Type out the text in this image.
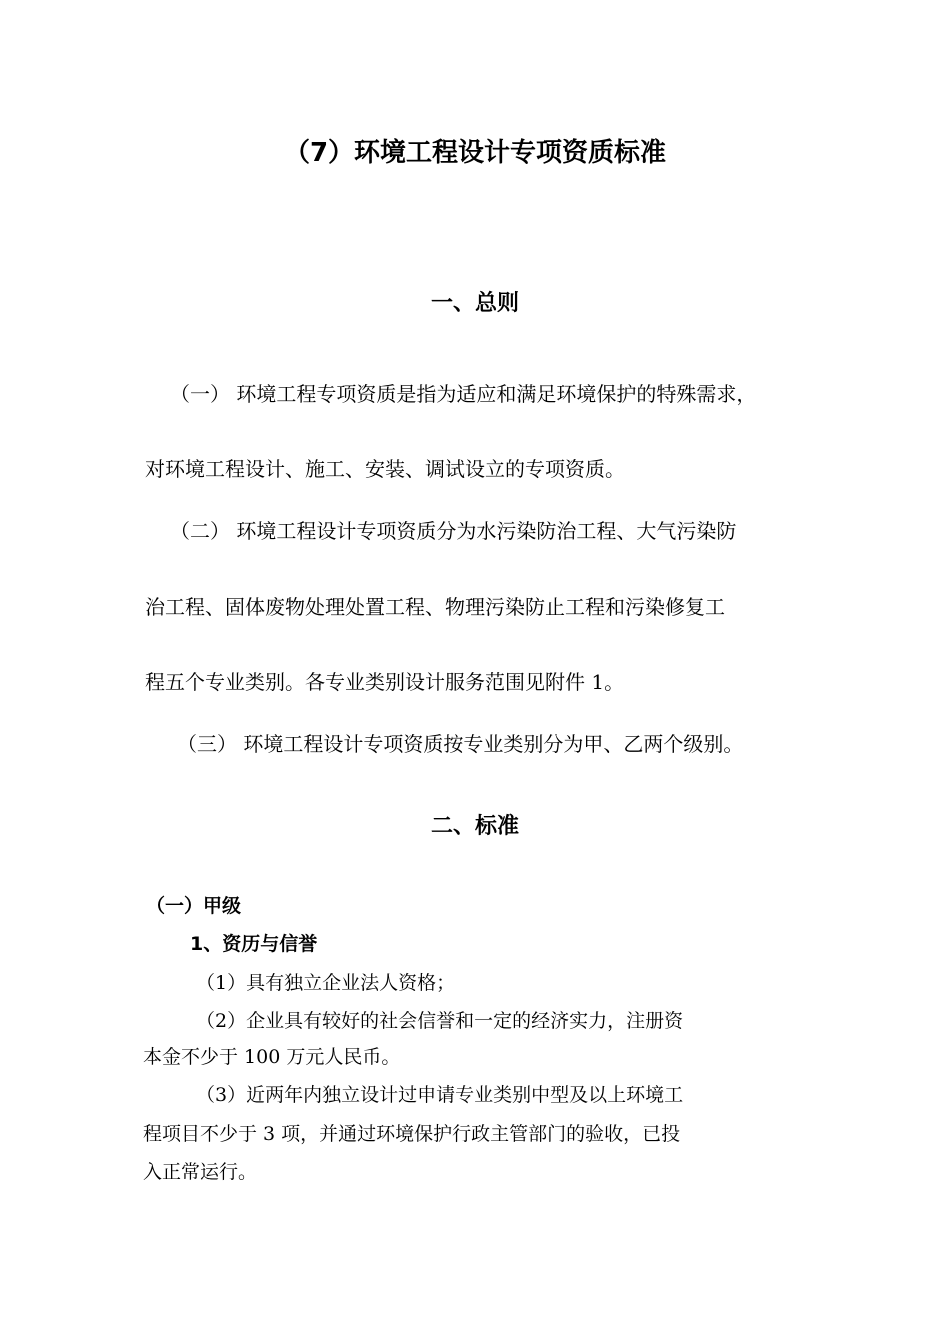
（7）环境工程设计专项资质标准
一、总则
（一） 环境工程专项资质是指为适应和满足环境保护的特殊需求，
对环境工程设计、施工、安装、调试设立的专项资质。
（二） 环境工程设计专项资质分为水污染防治工程、大气污染防
治工程、固体废物处理处置工程、物理污染防止工程和污染修复工
程五个专业类别。各专业类别设计服务范围见附件 1。
（三） 环境工程设计专项资质按专业类别分为甲、乙两个级别。
二、标准
（一）甲级
1、资历与信誉
（1）具有独立企业法人资格；
（2）企业具有较好的社会信誉和一定的经济实力，注册资
本金不少于 100 万元人民币。
（3）近两年内独立设计过申请专业类别中型及以上环境工
程项目不少于 3 项，并通过环境保护行政主管部门的验收，已投
入正常运行。
